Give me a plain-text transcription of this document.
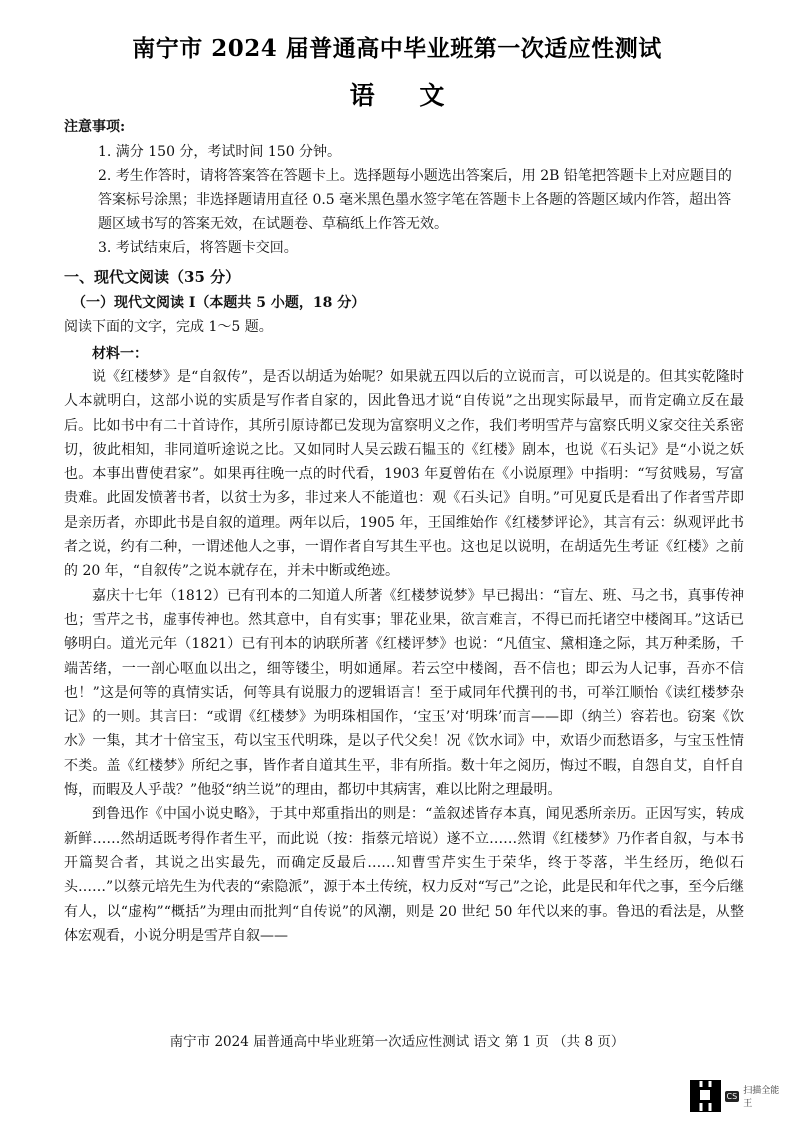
南宁市 2024 届普通高中毕业班第一次适应性测试
语 文
注意事项:

1. 满分 150 分，考试时间 150 分钟。

2. 考生作答时，请将答案答在答题卡上。选择题每小题选出答案后，用 2B 铅笔把答题卡上对应题目的答案标号涂黑；非选择题请用直径 0.5 毫米黑色墨水签字笔在答题卡上各题的答题区域内作答，超出答题区域书写的答案无效，在试题卷、草稿纸上作答无效。

3. 考试结束后，将答题卡交回。

一、现代文阅读（35 分）
（一）现代文阅读 I（本题共 5 小题，18 分）
阅读下面的文字，完成 1～5 题。
材料一：

说《红楼梦》是“自叙传”，是否以胡适为始呢？如果就五四以后的立说而言，可以说是的。但其实乾隆时人本就明白，这部小说的实质是写作者自家的，因此鲁迅才说“自传说”之出现实际最早，而肯定确立反在最后。比如书中有二十首诗作，其所引原诗都已发现为富察明义之作，我们考明雪芹与富察氏明义家交往关系密切，彼此相知，非同道听途说之比。又如同时人吴云跋石韫玉的《红楼》剧本，也说《石头记》是“小说之妖也。本事出曹使君家”。如果再往晚一点的时代看，1903 年夏曾佑在《小说原理》中指明：“写贫贱易，写富贵难。此固发愤著书者，以贫士为多，非过来人不能道也：观《石头记》自明。”可见夏氏是看出了作者雪芹即是亲历者，亦即此书是自叙的道理。两年以后，1905 年，王国维始作《红楼梦评论》，其言有云：纵观评此书者之说，约有二种，一谓述他人之事，一谓作者自写其生平也。这也足以说明，在胡适先生考证《红楼》之前的 20 年，“自叙传”之说本就存在，并未中断或绝迹。

嘉庆十七年（1812）已有刊本的二知道人所著《红楼梦说梦》早已揭出：“盲左、班、马之书，真事传神也；雪芹之书，虚事传神也。然其意中，自有实事；罪花业果，欲言难言，不得已而托诸空中楼阁耳。”这话已够明白。道光元年（1821）已有刊本的讷联所著《红楼评梦》也说：“凡值宝、黛相逢之际，其万种柔肠，千端苦绪，一一剖心呕血以出之，细等镂尘，明如通犀。若云空中楼阁，吾不信也；即云为人记事，吾亦不信也！”这是何等的真情实话，何等具有说服力的逻辑语言！至于咸同年代撰刊的书，可举江顺怡《读红楼梦杂记》的一则。其言曰：“或谓《红楼梦》为明珠相国作，‘宝玉’对‘明珠’而言——即（纳兰）容若也。窃案《饮水》一集，其才十倍宝玉，苟以宝玉代明珠，是以子代父矣！况《饮水词》中，欢语少而愁语多，与宝玉性情不类。盖《红楼梦》所纪之事，皆作者自道其生平，非有所指。数十年之阅历，悔过不暇，自怨自艾，自忏自悔，而暇及人乎哉？”他驳“纳兰说”的理由，都切中其病害，难以比附之理最明。

到鲁迅作《中国小说史略》，于其中郑重指出的则是：“盖叙述皆存本真，闻见悉所亲历。正因写实，转成新鲜……然胡适既考得作者生平，而此说（按：指蔡元培说）遂不立……然谓《红楼梦》乃作者自叙，与本书开篇契合者，其说之出实最先，而确定反最后……知曹雪芹实生于荣华，终于苓落，半生经历，绝似石头……”以蔡元培先生为代表的“索隐派”，源于本土传统，权力反对“写己”之论，此是民和年代之事，至今后继有人，以“虚构”“概括”为理由而批判“自传说”的风潮，则是 20 世纪 50 年代以来的事。鲁迅的看法是，从整体宏观看，小说分明是雪芹自叙——

南宁市 2024 届普通高中毕业班第一次适应性测试 语文 第 1 页 （共 8 页）
CS 扫描全能王
